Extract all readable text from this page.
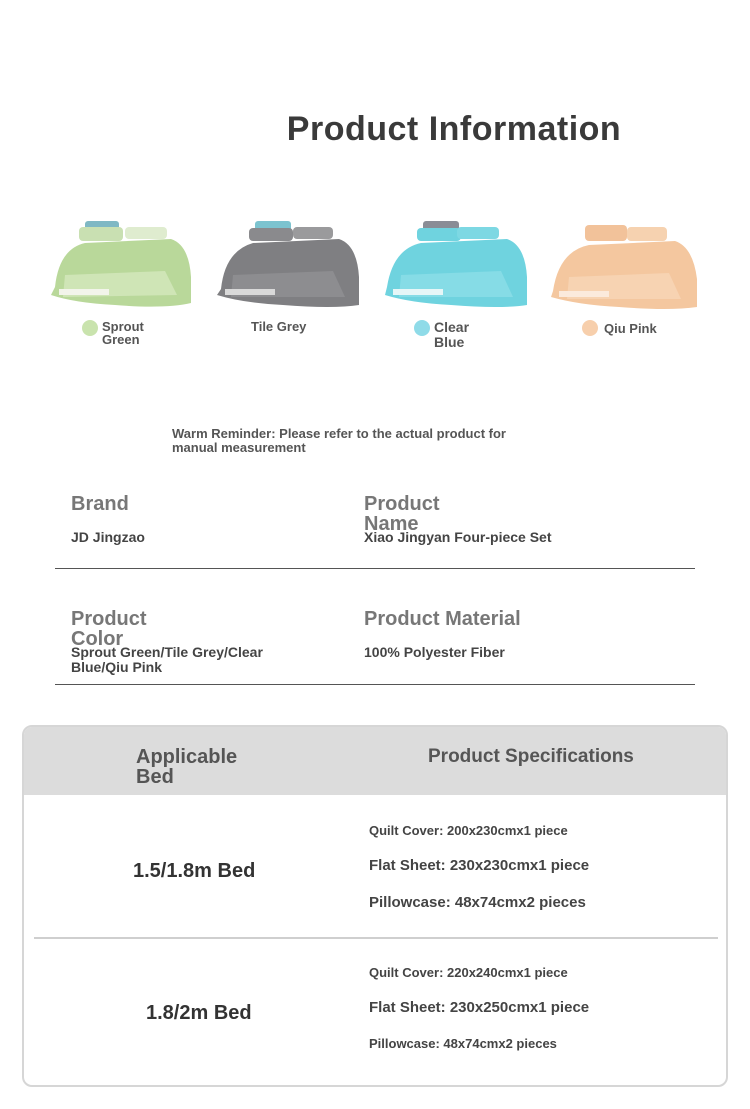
Product Information
Sprout Green
Tile Grey	Clear Blue
Qiu Pink
Warm Reminder: Please refer to the actual product for manual measurement
Brand
JD Jingzao
Product Name
Xiao Jingyan Four-piece Set
Product Color
Sprout Green/Tile Grey/Clear Blue/Qiu Pink
Product Material
100% Polyester Fiber
Applicable Bed
Product Specifications
1.5/1.8m Bed
Quilt Cover: 200x230cmx1 piece
Flat Sheet: 230x230cmx1 piece
Pillowcase: 48x74cmx2 pieces
1.8/2m Bed
Quilt Cover: 220x240cmx1 piece
Flat Sheet: 230x250cmx1 piece
Pillowcase: 48x74cmx2 pieces
